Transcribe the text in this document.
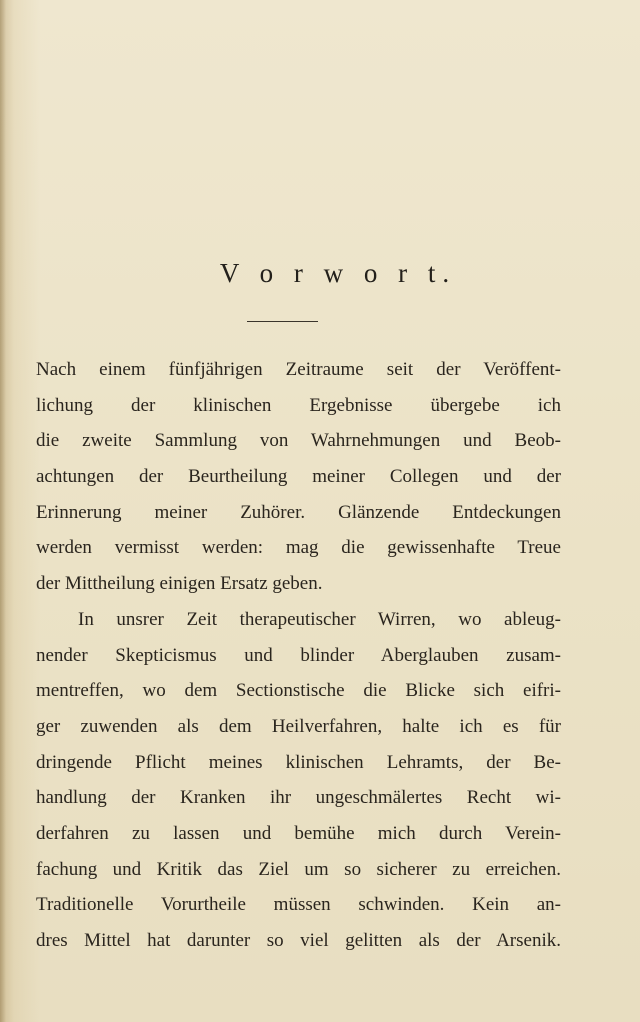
V o r w o r t.
Nach einem fünfjährigen Zeitraume seit der Veröffent-
lichung der klinischen Ergebnisse übergebe ich
die zweite Sammlung von Wahrnehmungen und Beob-
achtungen der Beurtheilung meiner Collegen und der
Erinnerung meiner Zuhörer. Glänzende Entdeckungen
werden vermisst werden: mag die gewissenhafte Treue
der Mittheilung einigen Ersatz geben.
In unsrer Zeit therapeutischer Wirren, wo ableug-
nender Skepticismus und blinder Aberglauben zusam-
mentreffen, wo dem Sectionstische die Blicke sich eifri-
ger zuwenden als dem Heilverfahren, halte ich es für
dringende Pflicht meines klinischen Lehramts, der Be-
handlung der Kranken ihr ungeschmälertes Recht wi-
derfahren zu lassen und bemühe mich durch Verein-
fachung und Kritik das Ziel um so sicherer zu erreichen.
Traditionelle Vorurtheile müssen schwinden. Kein an-
dres Mittel hat darunter so viel gelitten als der Arsenik.
